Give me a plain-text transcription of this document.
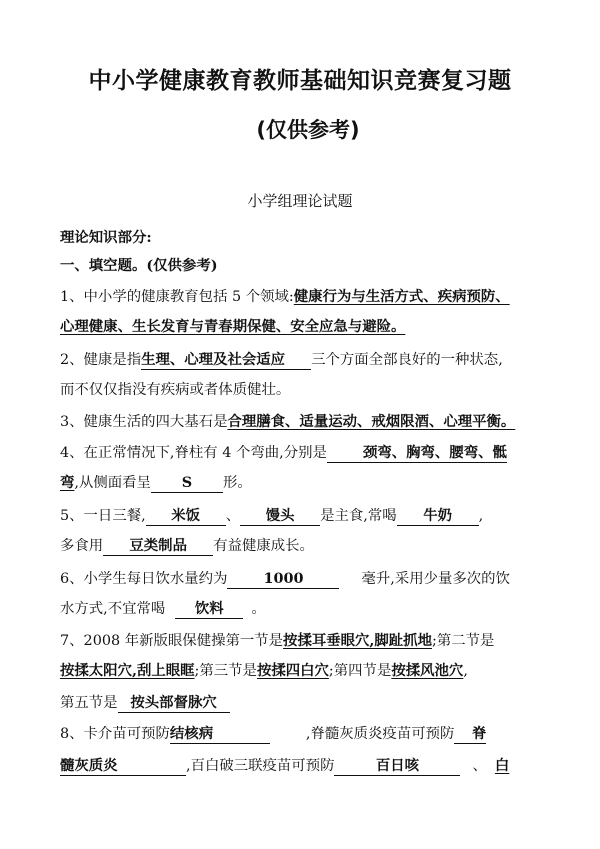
中小学健康教育教师基础知识竞赛复习题
(仅供参考)
小学组理论试题
理论知识部分:
一、填空题。(仅供参考)
1、中小学的健康教育包括 5 个领域:健康行为与生活方式、疾病预防、
心理健康、生长发育与青春期保健、安全应急与避险。
2、健康是指生理、心理及社会适应 三个方面全部良好的一种状态,
而不仅仅指没有疾病或者体质健壮。
3、健康生活的四大基石是合理膳食、适量运动、戒烟限酒、心理平衡。
4、在正常情况下,脊柱有 4 个弯曲,分别是	颈弯、胸弯、腰弯、骶
弯,从侧面看呈 S 形。
5、一日三餐, 米饭 、 馒头 是主食,常喝 牛奶 ,
多食用 豆类制品 有益健康成长。
6、小学生每日饮水量约为 1000	毫升,采用少量多次的饮
水方式,不宜常喝 饮料 。
7、2008 年新版眼保健操第一节是按揉耳垂眼穴,脚趾抓地;第二节是
按揉太阳穴,刮上眼眶;第三节是按揉四白穴;第四节是按揉风池穴,
第五节是 按头部督脉穴
8、卡介苗可预防结核病	,脊髓灰质炎疫苗可预防 脊
髓灰质炎	,百白破三联疫苗可预防	百日咳	、 白
